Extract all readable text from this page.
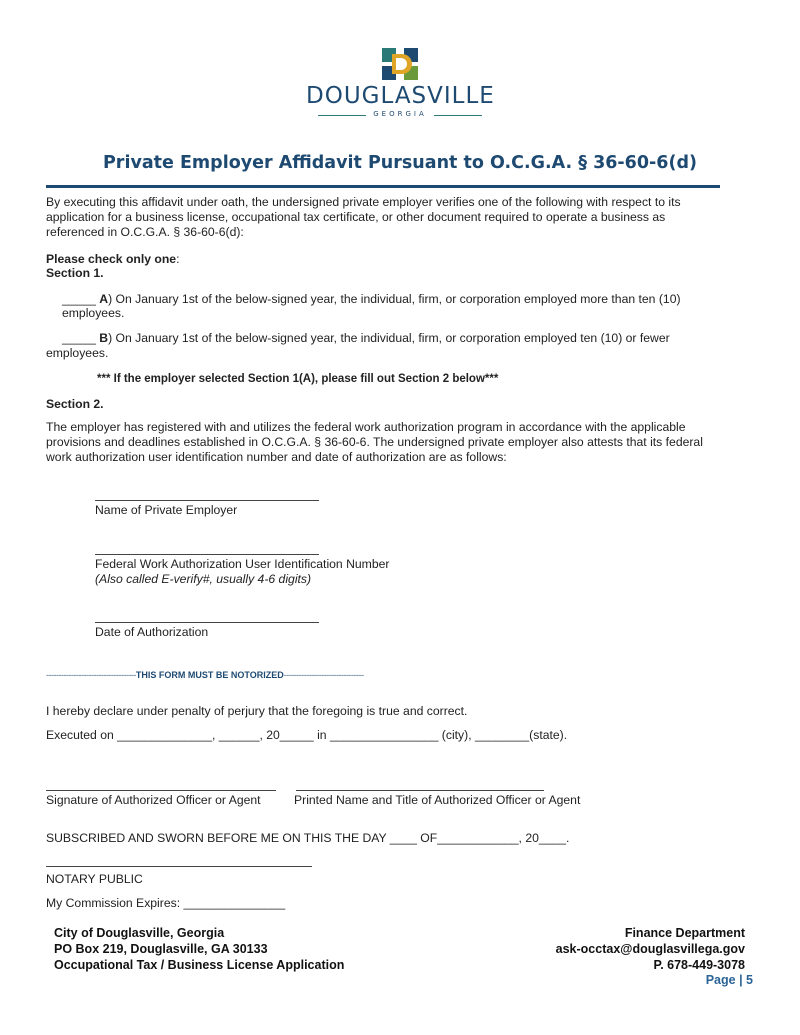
DOUGLASVILLE
GEORGIA
Private Employer Affidavit Pursuant to O.C.G.A. § 36-60-6(d)
By executing this affidavit under oath, the undersigned private employer verifies one of the following with respect to its
application for a business license, occupational tax certificate, or other document required to operate a business as
referenced in O.C.G.A. § 36-60-6(d):
Please check only one:
Section 1.
_____ A) On January 1st of the below-signed year, the individual, firm, or corporation employed more than ten (10)
employees.
_____ B) On January 1st of the below-signed year, the individual, firm, or corporation employed ten (10) or fewer
employees.
*** If the employer selected Section 1(A), please fill out Section 2 below***
Section 2.
The employer has registered with and utilizes the federal work authorization program in accordance with the applicable
provisions and deadlines established in O.C.G.A. § 36-60-6. The undersigned private employer also attests that its federal
work authorization user identification number and date of authorization are as follows:
Name of Private Employer
Federal Work Authorization User Identification Number
(Also called E-verify#, usually 4-6 digits)
Date of Authorization
------------------------------------THIS FORM MUST BE NOTORIZED--------------------------------
I hereby declare under penalty of perjury that the foregoing is true and correct.
Executed on ______________, ______, 20_____ in ________________ (city), ________(state).
Signature of Authorized Officer or Agent	Printed Name and Title of Authorized Officer or Agent
SUBSCRIBED AND SWORN BEFORE ME ON THIS THE DAY ____ OF____________, 20____.
NOTARY PUBLIC
My Commission Expires: _______________
City of Douglasville, Georgia
PO Box 219, Douglasville, GA 30133
Occupational Tax / Business License Application
Finance Department
ask-occtax@douglasvillega.gov
P. 678-449-3078
Page | 5
